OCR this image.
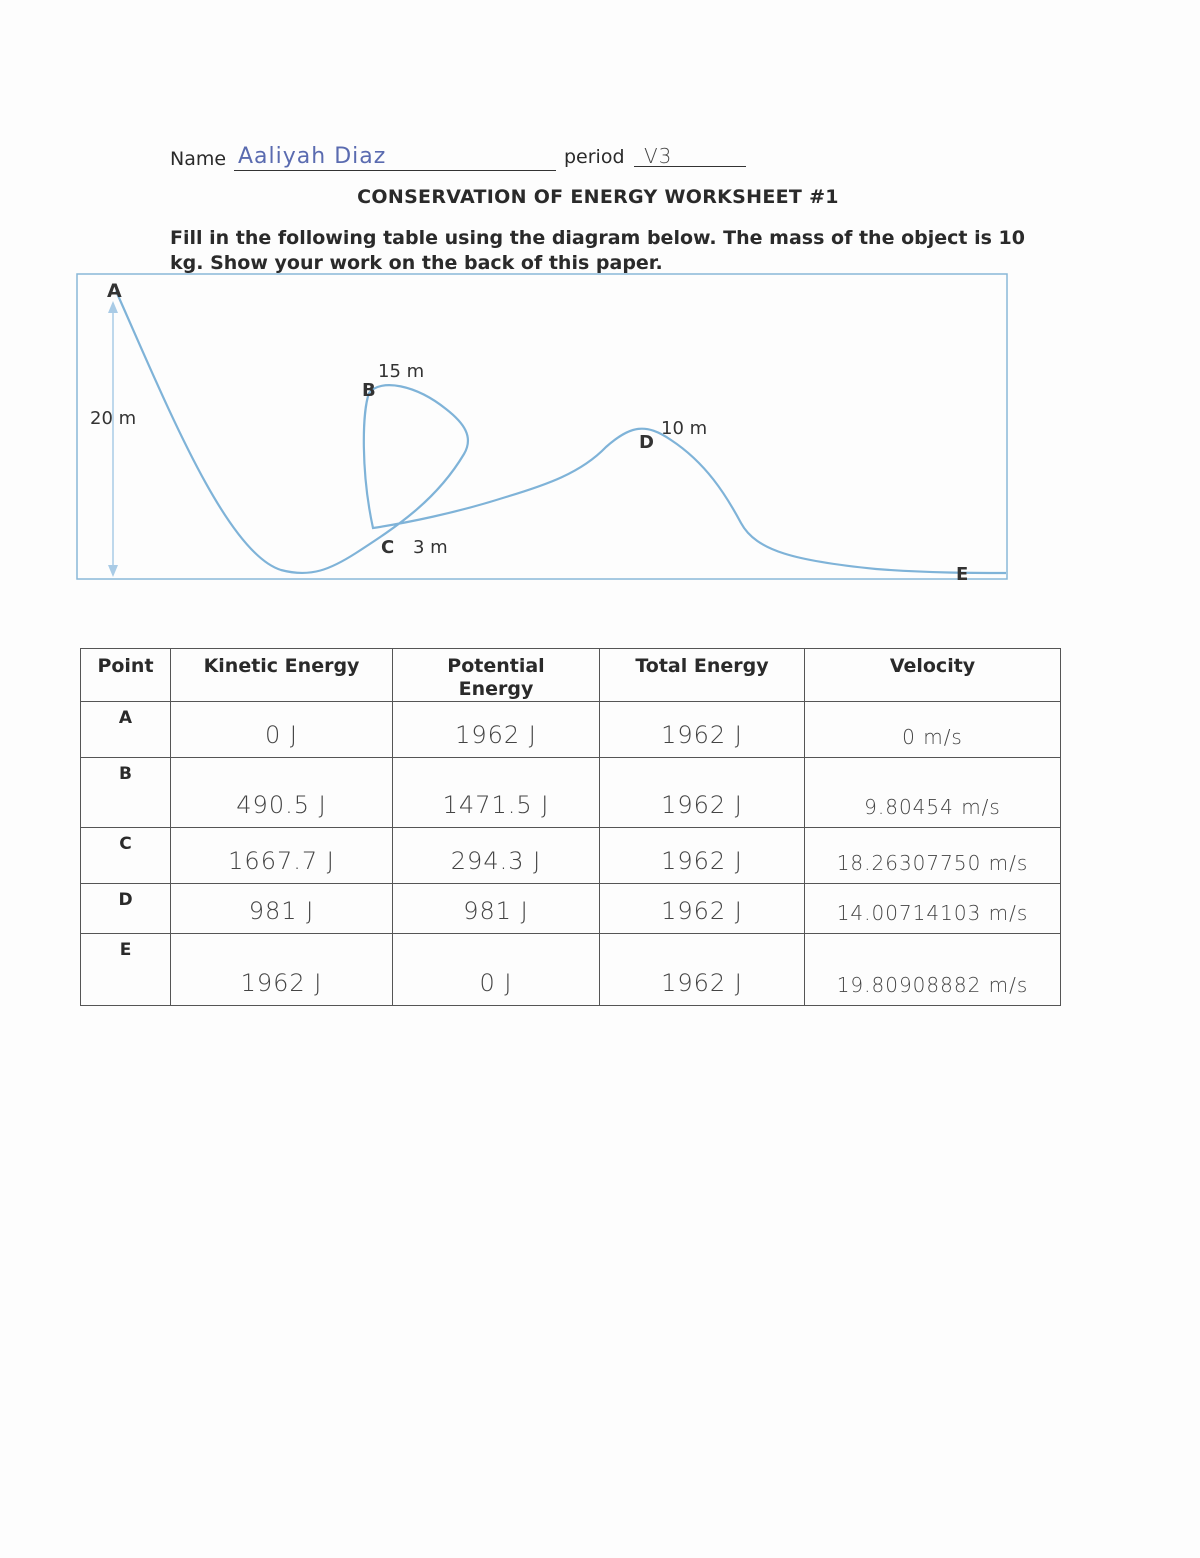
Name Aaliyah Diaz	period V3
CONSERVATION OF ENERGY WORKSHEET #1
Fill in the following table using the diagram below. The mass of the object is 10 kg. Show your work on the back of this paper.
A
20 m
B
15 m
C 3 m
D
10 m
E
Point	Kinetic Energy	Potential Energy	Total Energy	Velocity
A	0 J	1962 J	1962 J	0 m/s
B	490.5 J	1471.5 J	1962 J	9.80454 m/s
C	1667.7 J	294.3 J	1962 J	18.26307750 m/s
D	981 J	981 J	1962 J	14.00714103 m/s
E	1962 J	0 J	1962 J	19.80908882 m/s
